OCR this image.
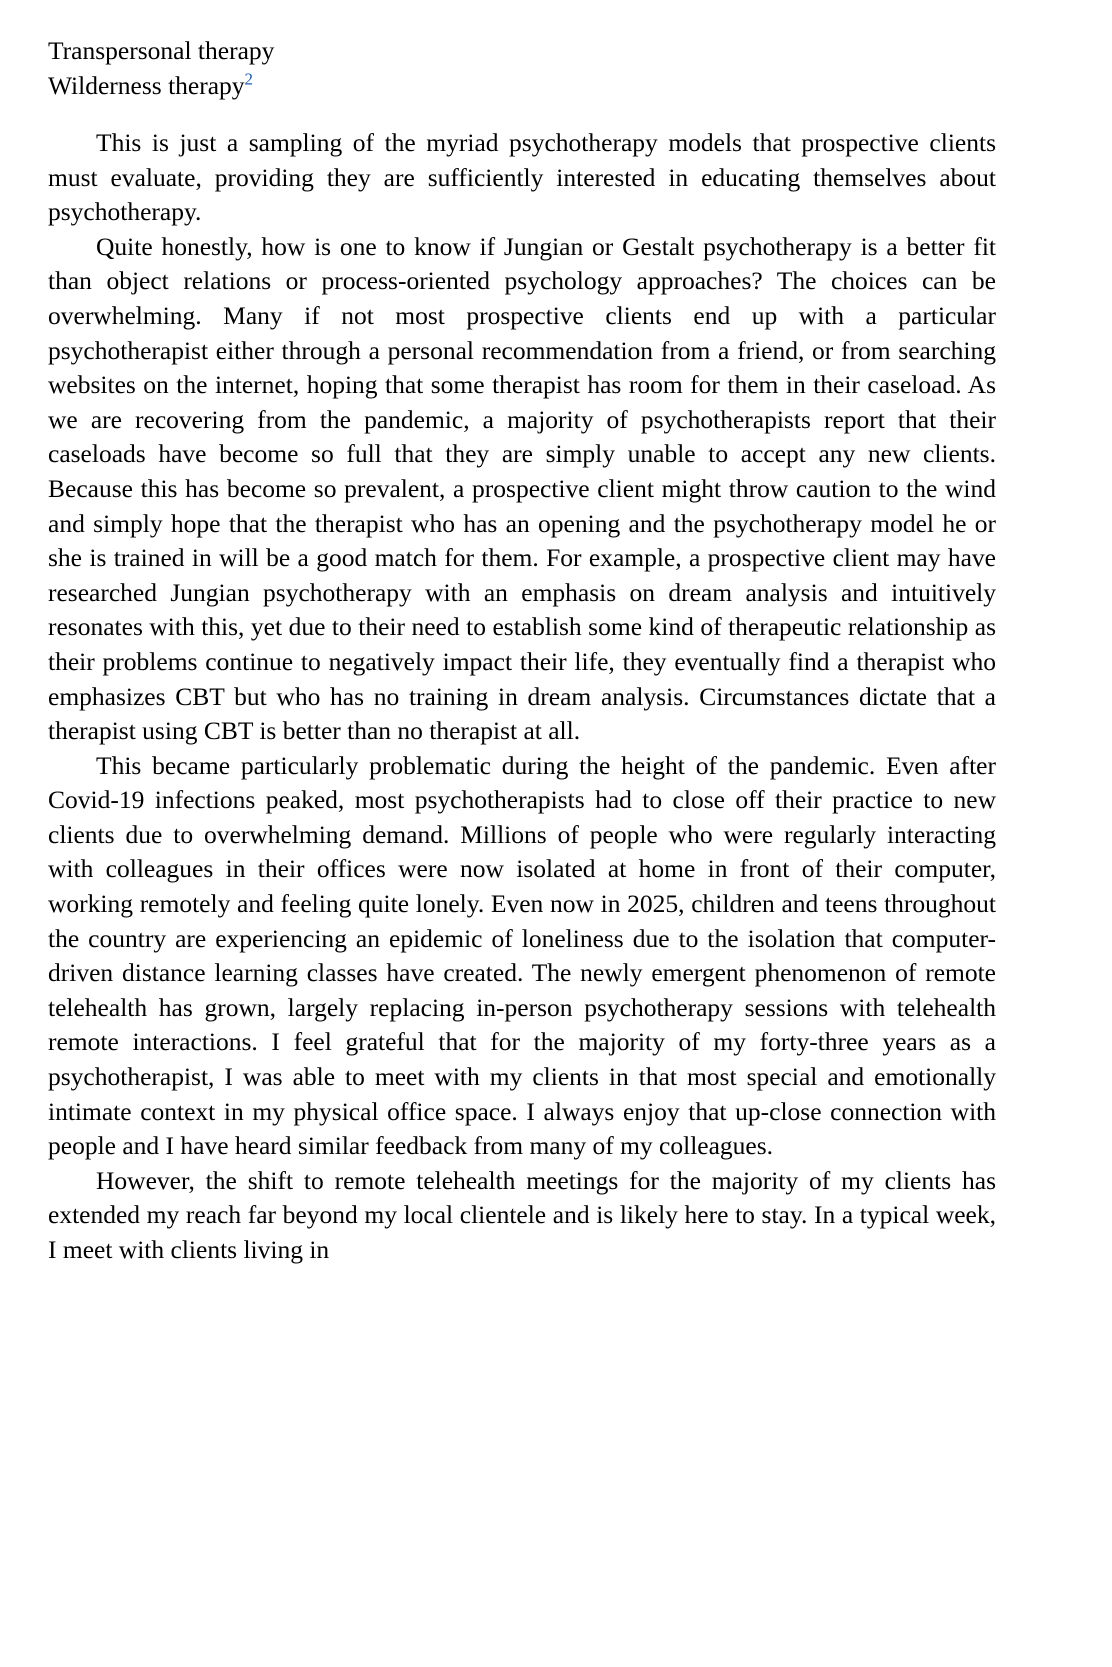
Transpersonal therapy
Wilderness therapy$^2$

This is just a sampling of the myriad psychotherapy models that prospective clients must evaluate, providing they are sufficiently interested in educating themselves about psychotherapy.

Quite honestly, how is one to know if Jungian or Gestalt psychotherapy is a better fit than object relations or process-oriented psychology approaches? The choices can be overwhelming. Many if not most prospective clients end up with a particular psychotherapist either through a personal recommendation from a friend, or from searching websites on the internet, hoping that some therapist has room for them in their caseload. As we are recovering from the pandemic, a majority of psychotherapists report that their caseloads have become so full that they are simply unable to accept any new clients. Because this has become so prevalent, a prospective client might throw caution to the wind and simply hope that the therapist who has an opening and the psychotherapy model he or she is trained in will be a good match for them. For example, a prospective client may have researched Jungian psychotherapy with an emphasis on dream analysis and intuitively resonates with this, yet due to their need to establish some kind of therapeutic relationship as their problems continue to negatively impact their life, they eventually find a therapist who emphasizes CBT but who has no training in dream analysis. Circumstances dictate that a therapist using CBT is better than no therapist at all.

This became particularly problematic during the height of the pandemic. Even after Covid-19 infections peaked, most psychotherapists had to close off their practice to new clients due to overwhelming demand. Millions of people who were regularly interacting with colleagues in their offices were now isolated at home in front of their computer, working remotely and feeling quite lonely. Even now in 2025, children and teens throughout the country are experiencing an epidemic of loneliness due to the isolation that computer-driven distance learning classes have created. The newly emergent phenomenon of remote telehealth has grown, largely replacing in-person psychotherapy sessions with telehealth remote interactions. I feel grateful that for the majority of my forty-three years as a psychotherapist, I was able to meet with my clients in that most special and emotionally intimate context in my physical office space. I always enjoy that up-close connection with people and I have heard similar feedback from many of my colleagues.

However, the shift to remote telehealth meetings for the majority of my clients has extended my reach far beyond my local clientele and is likely here to stay. In a typical week, I meet with clients living in
